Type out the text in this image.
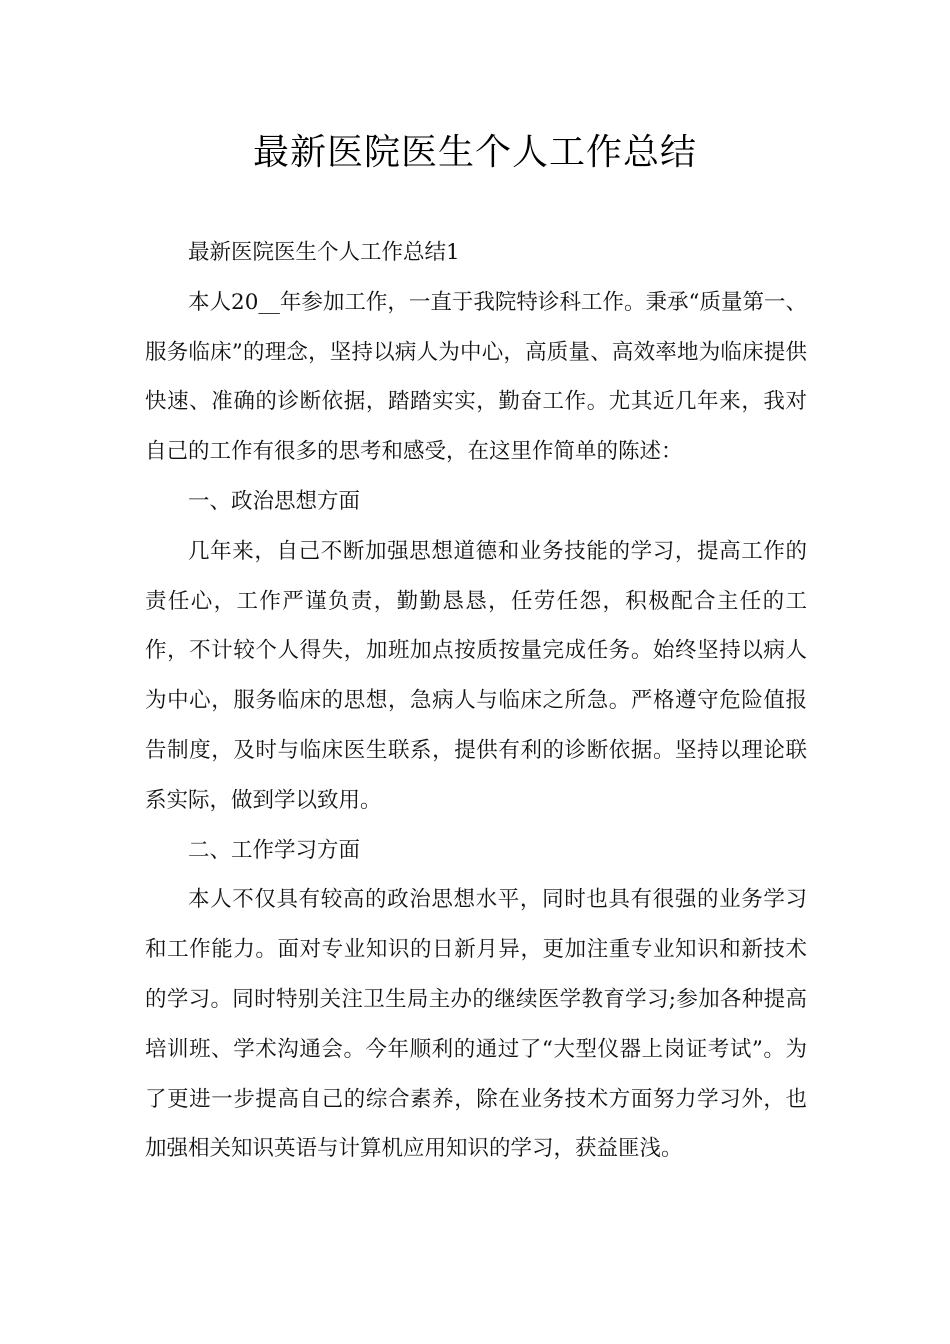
最新医院医生个人工作总结

最新医院医生个人工作总结1

本人20__年参加工作，一直于我院特诊科工作。秉承“质量第一、服务临床”的理念，坚持以病人为中心，高质量、高效率地为临床提供快速、准确的诊断依据，踏踏实实，勤奋工作。尤其近几年来，我对自己的工作有很多的思考和感受，在这里作简单的陈述：

一、政治思想方面

几年来，自己不断加强思想道德和业务技能的学习，提高工作的责任心，工作严谨负责，勤勤恳恳，任劳任怨，积极配合主任的工作，不计较个人得失，加班加点按质按量完成任务。始终坚持以病人为中心，服务临床的思想，急病人与临床之所急。严格遵守危险值报告制度，及时与临床医生联系，提供有利的诊断依据。坚持以理论联系实际，做到学以致用。

二、工作学习方面

本人不仅具有较高的政治思想水平，同时也具有很强的业务学习和工作能力。面对专业知识的日新月异，更加注重专业知识和新技术的学习。同时特别关注卫生局主办的继续医学教育学习;参加各种提高培训班、学术沟通会。今年顺利的通过了“大型仪器上岗证考试”。为了更进一步提高自己的综合素养，除在业务技术方面努力学习外，也加强相关知识英语与计算机应用知识的学习，获益匪浅。
